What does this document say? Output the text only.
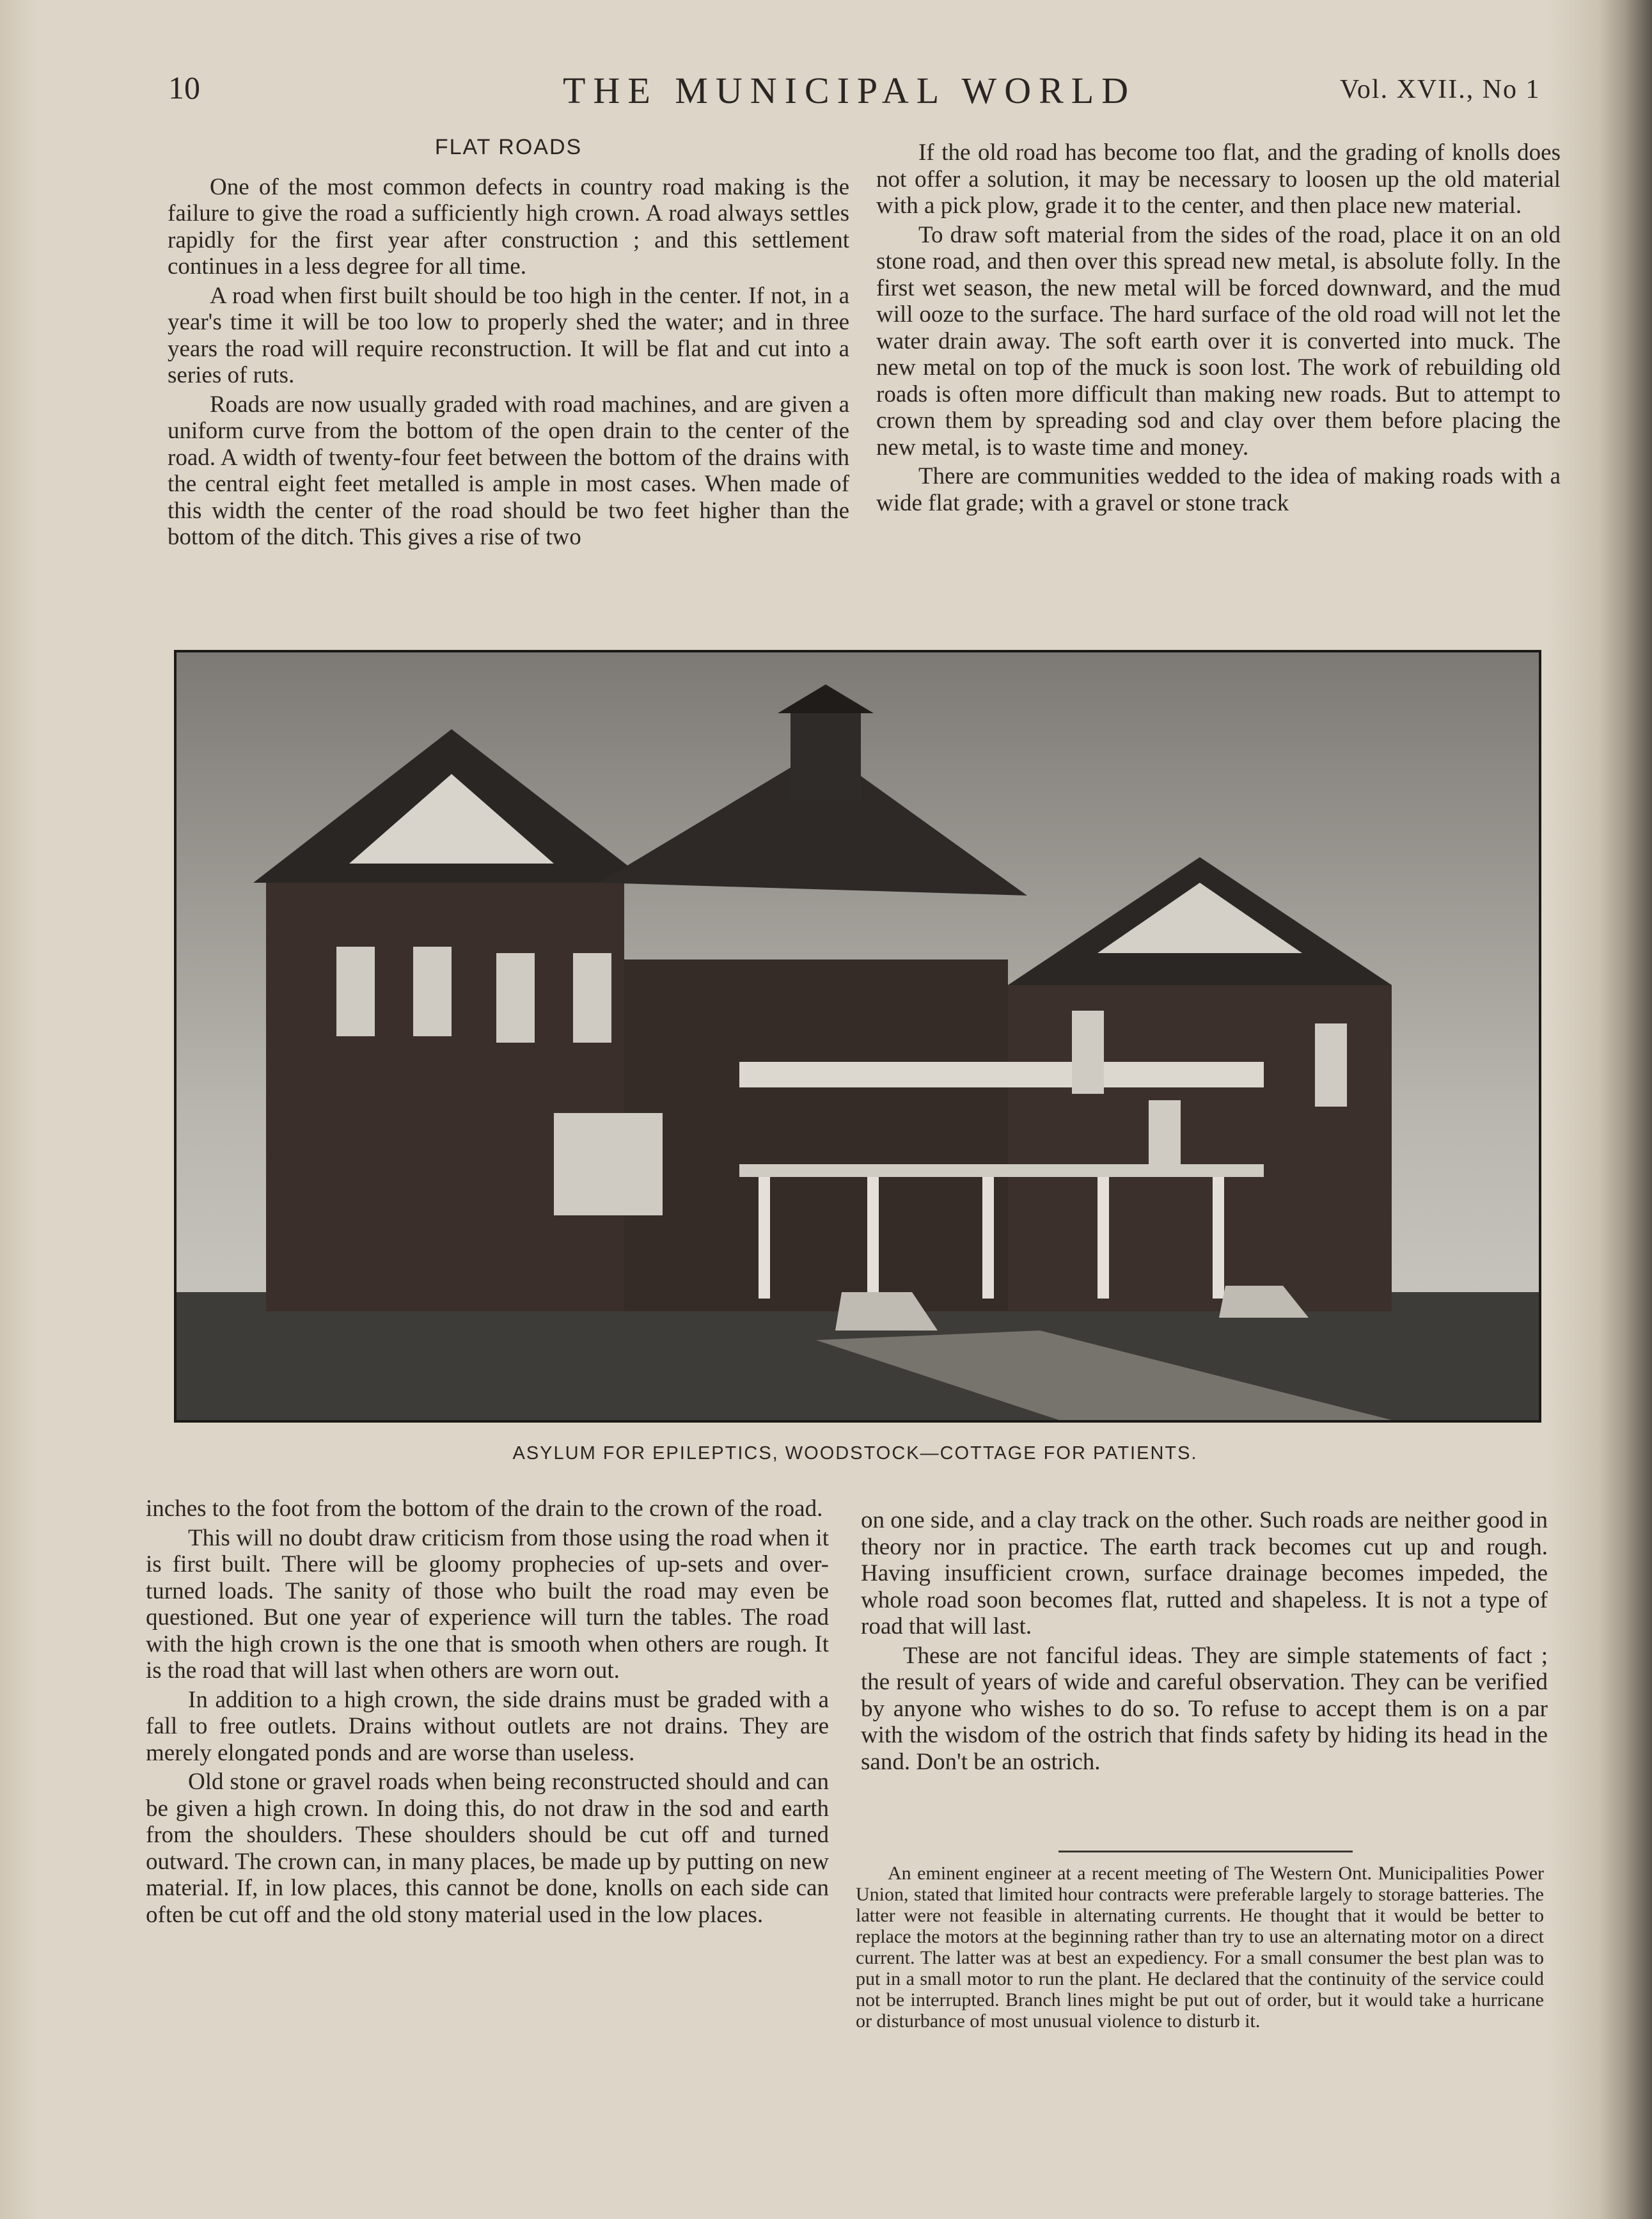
10	THE MUNICIPAL WORLD	Vol. XVII., No 1
FLAT ROADS

One of the most common defects in country road making is the failure to give the road a sufficiently high crown. A road always settles rapidly for the first year after construction ; and this settlement continues in a less degree for all time.

A road when first built should be too high in the center. If not, in a year's time it will be too low to properly shed the water; and in three years the road will require reconstruction. It will be flat and cut into a series of ruts.

Roads are now usually graded with road machines, and are given a uniform curve from the bottom of the open drain to the center of the road. A width of twenty-four feet between the bottom of the drains with the central eight feet metalled is ample in most cases. When made of this width the center of the road should be two feet higher than the bottom of the ditch. This gives a rise of two

If the old road has become too flat, and the grading of knolls does not offer a solution, it may be necessary to loosen up the old material with a pick plow, grade it to the center, and then place new material.

To draw soft material from the sides of the road, place it on an old stone road, and then over this spread new metal, is absolute folly. In the first wet season, the new metal will be forced downward, and the mud will ooze to the surface. The hard surface of the old road will not let the water drain away. The soft earth over it is converted into muck. The new metal on top of the muck is soon lost. The work of rebuilding old roads is often more difficult than making new roads. But to attempt to crown them by spreading sod and clay over them before placing the new metal, is to waste time and money.

There are communities wedded to the idea of making roads with a wide flat grade; with a gravel or stone track

ASYLUM FOR EPILEPTICS, WOODSTOCK—COTTAGE FOR PATIENTS.

inches to the foot from the bottom of the drain to the crown of the road.

This will no doubt draw criticism from those using the road when it is first built. There will be gloomy prophecies of up-sets and over-turned loads. The sanity of those who built the road may even be questioned. But one year of experience will turn the tables. The road with the high crown is the one that is smooth when others are rough. It is the road that will last when others are worn out.

In addition to a high crown, the side drains must be graded with a fall to free outlets. Drains without outlets are not drains. They are merely elongated ponds and are worse than useless.

Old stone or gravel roads when being reconstructed should and can be given a high crown. In doing this, do not draw in the sod and earth from the shoulders. These shoulders should be cut off and turned outward. The crown can, in many places, be made up by putting on new material. If, in low places, this cannot be done, knolls on each side can often be cut off and the old stony material used in the low places.

on one side, and a clay track on the other. Such roads are neither good in theory nor in practice. The earth track becomes cut up and rough. Having insufficient crown, surface drainage becomes impeded, the whole road soon becomes flat, rutted and shapeless. It is not a type of road that will last.

These are not fanciful ideas. They are simple statements of fact ; the result of years of wide and careful observation. They can be verified by anyone who wishes to do so. To refuse to accept them is on a par with the wisdom of the ostrich that finds safety by hiding its head in the sand. Don't be an ostrich.

An eminent engineer at a recent meeting of The Western Ont. Municipalities Power Union, stated that limited hour contracts were preferable largely to storage batteries. The latter were not feasible in alternating currents. He thought that it would be better to replace the motors at the beginning rather than try to use an alternating motor on a direct current. The latter was at best an expediency. For a small consumer the best plan was to put in a small motor to run the plant. He declared that the continuity of the service could not be interrupted. Branch lines might be put out of order, but it would take a hurricane or disturbance of most unusual violence to disturb it.
